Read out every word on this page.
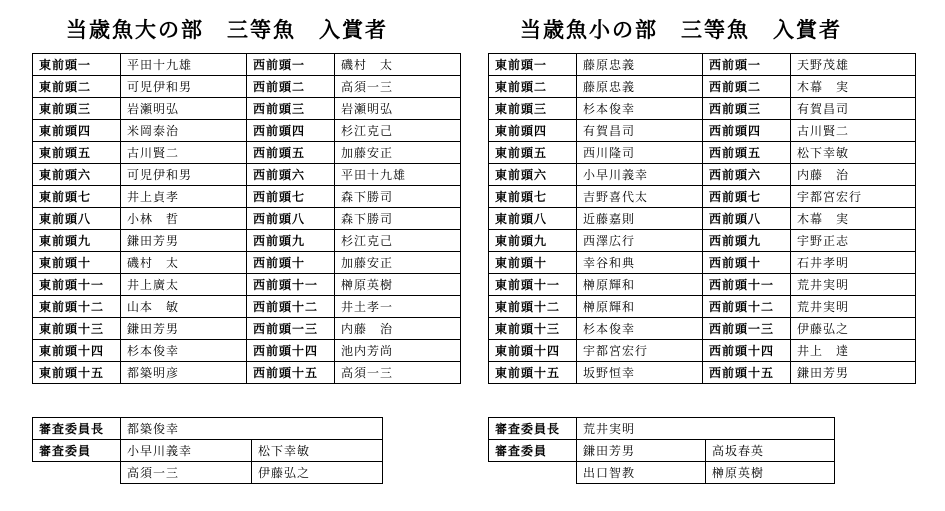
当歳魚大の部　三等魚　入賞者	当歳魚小の部　三等魚　入賞者
東前頭一	平田十九雄	西前頭一	磯村　太
東前頭二	可児伊和男	西前頭二	高須一三
東前頭三	岩瀬明弘	西前頭三	岩瀬明弘
東前頭四	米岡泰治	西前頭四	杉江克己
東前頭五	古川賢二	西前頭五	加藤安正
東前頭六	可児伊和男	西前頭六	平田十九雄
東前頭七	井上貞孝	西前頭七	森下勝司
東前頭八	小林　哲	西前頭八	森下勝司
東前頭九	鎌田芳男	西前頭九	杉江克己
東前頭十	磯村　太	西前頭十	加藤安正
東前頭十一	井上廣太	西前頭十一	榊原英樹
東前頭十二	山本　敏	西前頭十二	井土孝一
東前頭十三	鎌田芳男	西前頭一三	内藤　治
東前頭十四	杉本俊幸	西前頭十四	池内芳尚
東前頭十五	都築明彦	西前頭十五	高須一三
東前頭一	藤原忠義	西前頭一	天野茂雄
東前頭二	藤原忠義	西前頭二	木幕　実
東前頭三	杉本俊幸	西前頭三	有賀昌司
東前頭四	有賀昌司	西前頭四	古川賢二
東前頭五	西川隆司	西前頭五	松下幸敏
東前頭六	小早川義幸	西前頭六	内藤　治
東前頭七	吉野喜代太	西前頭七	宇都宮宏行
東前頭八	近藤嘉則	西前頭八	木幕　実
東前頭九	西澤広行	西前頭九	宇野正志
東前頭十	幸谷和典	西前頭十	石井孝明
東前頭十一	榊原輝和	西前頭十一	荒井実明
東前頭十二	榊原輝和	西前頭十二	荒井実明
東前頭十三	杉本俊幸	西前頭一三	伊藤弘之
東前頭十四	宇都宮宏行	西前頭十四	井上　達
東前頭十五	坂野恒幸	西前頭十五	鎌田芳男
審査委員長	都築俊幸	
審査委員	小早川義幸	松下幸敏
	高須一三	伊藤弘之
審査委員長	荒井実明	
審査委員	鎌田芳男	高坂春英
	出口智教	榊原英樹
